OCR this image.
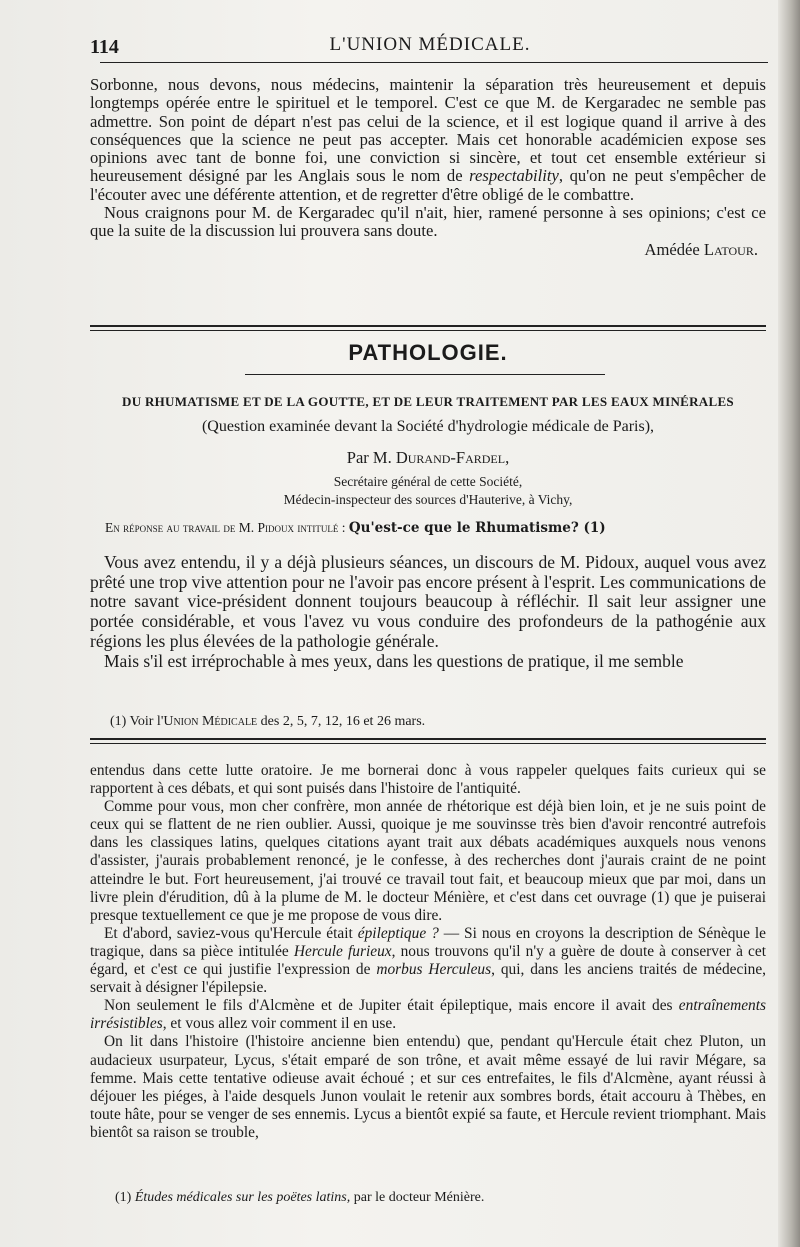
114	L'UNION MÉDICALE.
Sorbonne, nous devons, nous médecins, maintenir la séparation très heureusement et depuis longtemps opérée entre le spirituel et le temporel. C'est ce que M. de Kergaradec ne semble pas admettre. Son point de départ n'est pas celui de la science, et il est logique quand il arrive à des conséquences que la science ne peut pas accepter. Mais cet honorable académicien expose ses opinions avec tant de bonne foi, une conviction si sincère, et tout cet ensemble extérieur si heureusement désigné par les Anglais sous le nom de respectability, qu'on ne peut s'empêcher de l'écouter avec une déférente attention, et de regretter d'être obligé de le combattre.
Nous craignons pour M. de Kergaradec qu'il n'ait, hier, ramené personne à ses opinions; c'est ce que la suite de la discussion lui prouvera sans doute.
Amédée Latour.
PATHOLOGIE.
DU RHUMATISME ET DE LA GOUTTE, ET DE LEUR TRAITEMENT PAR LES EAUX MINÉRALES
(Question examinée devant la Société d'hydrologie médicale de Paris),
Par M. Durand-Fardel,
Secrétaire général de cette Société,
Médecin-inspecteur des sources d'Hauterive, à Vichy,
En réponse au travail de M. Pidoux intitulé : Qu'est-ce que le Rhumatisme? (1)
Vous avez entendu, il y a déjà plusieurs séances, un discours de M. Pidoux, auquel vous avez prêté une trop vive attention pour ne l'avoir pas encore présent à l'esprit. Les communications de notre savant vice-président donnent toujours beaucoup à réfléchir. Il sait leur assigner une portée considérable, et vous l'avez vu vous conduire des profondeurs de la pathogénie aux régions les plus élevées de la pathologie générale.
Mais s'il est irréprochable à mes yeux, dans les questions de pratique, il me semble
(1) Voir l'Union Médicale des 2, 5, 7, 12, 16 et 26 mars.
entendus dans cette lutte oratoire. Je me bornerai donc à vous rappeler quelques faits curieux qui se rapportent à ces débats, et qui sont puisés dans l'histoire de l'antiquité.
Comme pour vous, mon cher confrère, mon année de rhétorique est déjà bien loin, et je ne suis point de ceux qui se flattent de ne rien oublier. Aussi, quoique je me souvinsse très bien d'avoir rencontré autrefois dans les classiques latins, quelques citations ayant trait aux débats académiques auxquels nous venons d'assister, j'aurais probablement renoncé, je le confesse, à des recherches dont j'aurais craint de ne point atteindre le but. Fort heureusement, j'ai trouvé ce travail tout fait, et beaucoup mieux que par moi, dans un livre plein d'érudition, dû à la plume de M. le docteur Ménière, et c'est dans cet ouvrage (1) que je puiserai presque textuellement ce que je me propose de vous dire.
Et d'abord, saviez-vous qu'Hercule était épileptique ? — Si nous en croyons la description de Sénèque le tragique, dans sa pièce intitulée Hercule furieux, nous trouvons qu'il n'y a guère de doute à conserver à cet égard, et c'est ce qui justifie l'expression de morbus Herculeus, qui, dans les anciens traités de médecine, servait à désigner l'épilepsie.
Non seulement le fils d'Alcmène et de Jupiter était épileptique, mais encore il avait des entraînements irrésistibles, et vous allez voir comment il en use.
On lit dans l'histoire (l'histoire ancienne bien entendu) que, pendant qu'Hercule était chez Pluton, un audacieux usurpateur, Lycus, s'était emparé de son trône, et avait même essayé de lui ravir Mégare, sa femme. Mais cette tentative odieuse avait échoué ; et sur ces entrefaites, le fils d'Alcmène, ayant réussi à déjouer les piéges, à l'aide desquels Junon voulait le retenir aux sombres bords, était accouru à Thèbes, en toute hâte, pour se venger de ses ennemis. Lycus a bientôt expié sa faute, et Hercule revient triomphant. Mais bientôt sa raison se trouble,
(1) Études médicales sur les poëtes latins, par le docteur Ménière.
